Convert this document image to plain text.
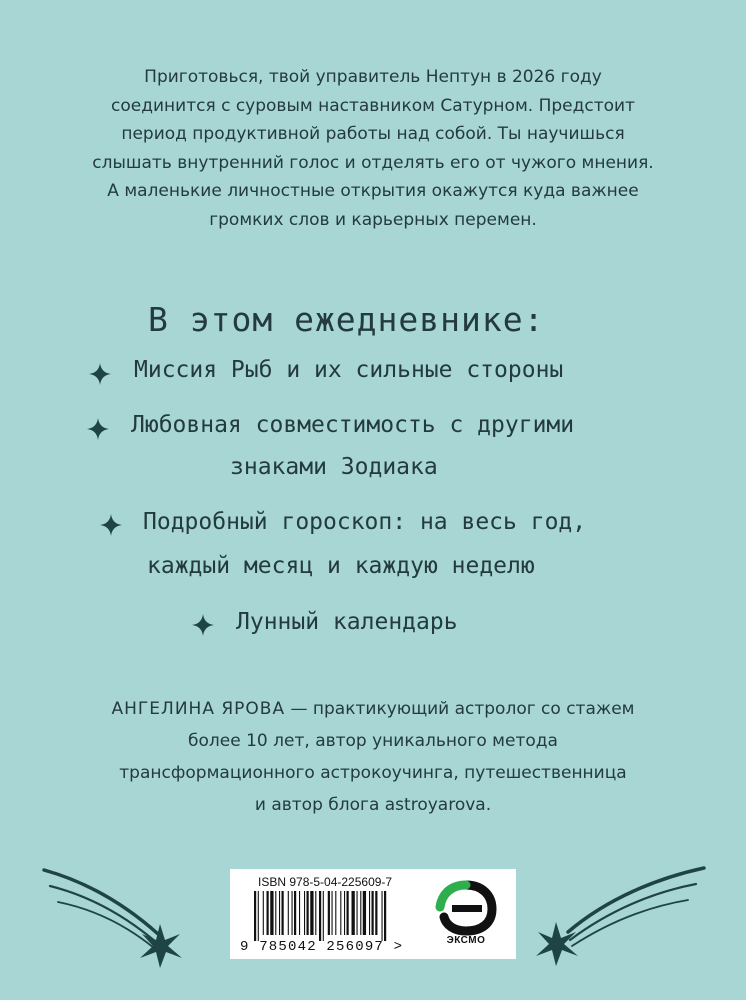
Приготовься, твой управитель Нептун в 2026 году
соединится с суровым наставником Сатурном. Предстоит
период продуктивной работы над собой. Ты научишься
слышать внутренний голос и отделять его от чужого мнения.
А маленькие личностные открытия окажутся куда важнее
громких слов и карьерных перемен.
В этом ежедневнике:
Миссия Рыб и их сильные стороны
Любовная совместимость с другими
знаками Зодиака
Подробный гороскоп: на весь год,
каждый месяц и каждую неделю
Лунный календарь
АНГЕЛИНА ЯРОВА — практикующий астролог со стажем
более 10 лет, автор уникального метода
трансформационного астрокоучинга, путешественница
и автор блога astroyarova.
ISBN 978-5-04-225609-7
9 785042 256097 >	ЭКСМО
